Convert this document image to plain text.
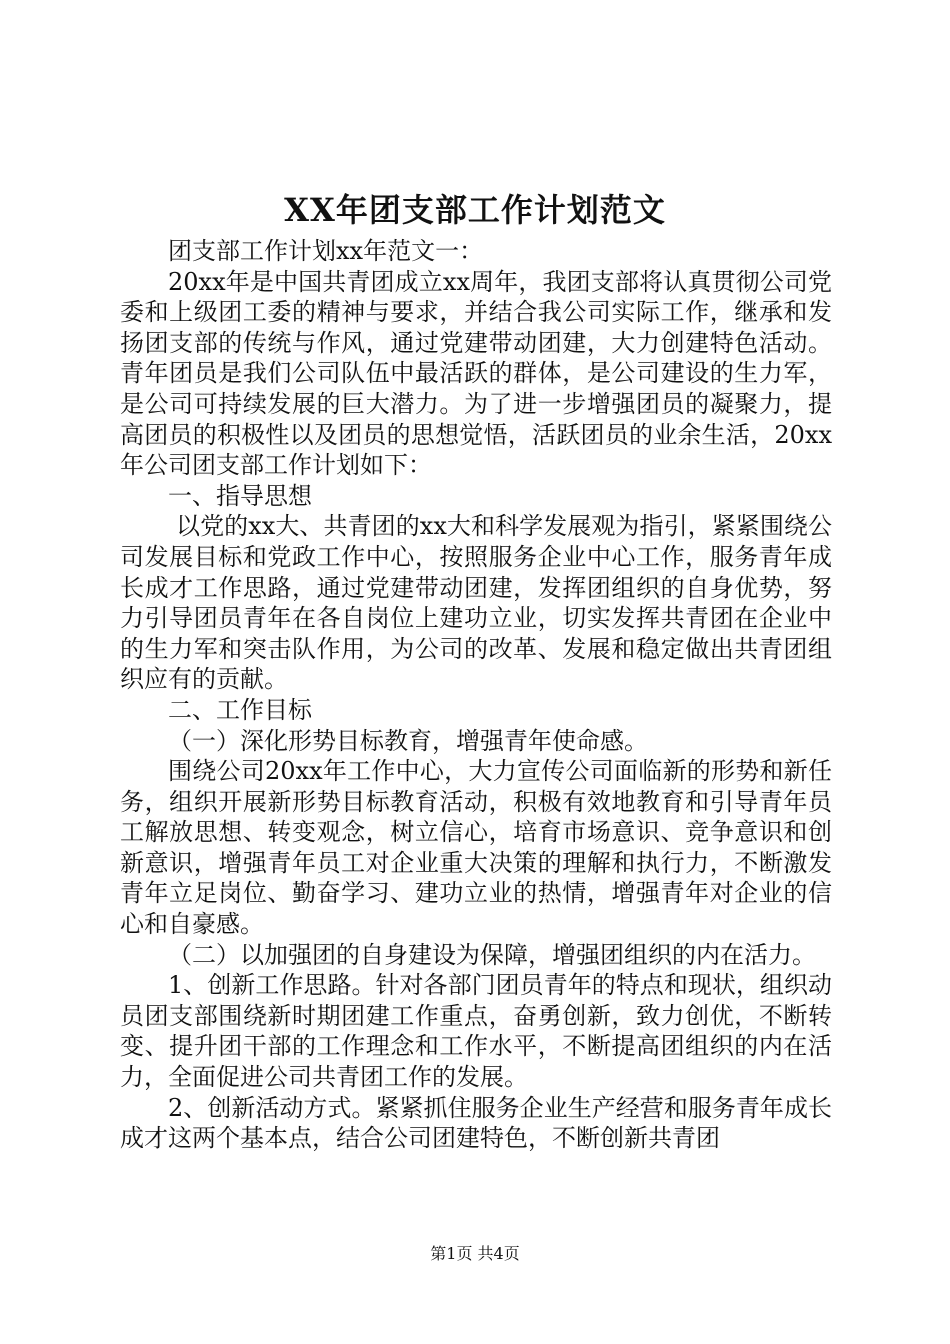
XX年团支部工作计划范文

团支部工作计划xx年范文一：

20xx年是中国共青团成立xx周年，我团支部将认真贯彻公司党委和上级团工委的精神与要求，并结合我公司实际工作，继承和发扬团支部的传统与作风，通过党建带动团建，大力创建特色活动。青年团员是我们公司队伍中最活跃的群体，是公司建设的生力军，是公司可持续发展的巨大潜力。为了进一步增强团员的凝聚力，提高团员的积极性以及团员的思想觉悟，活跃团员的业余生活，20xx年公司团支部工作计划如下：

一、指导思想

以党的xx大、共青团的xx大和科学发展观为指引，紧紧围绕公司发展目标和党政工作中心，按照服务企业中心工作，服务青年成长成才工作思路，通过党建带动团建，发挥团组织的自身优势，努力引导团员青年在各自岗位上建功立业，切实发挥共青团在企业中的生力军和突击队作用，为公司的改革、发展和稳定做出共青团组织应有的贡献。

二、工作目标

（一）深化形势目标教育，增强青年使命感。

围绕公司20xx年工作中心，大力宣传公司面临新的形势和新任务，组织开展新形势目标教育活动，积极有效地教育和引导青年员工解放思想、转变观念，树立信心，培育市场意识、竞争意识和创新意识，增强青年员工对企业重大决策的理解和执行力，不断激发青年立足岗位、勤奋学习、建功立业的热情，增强青年对企业的信心和自豪感。

（二）以加强团的自身建设为保障，增强团组织的内在活力。

1、创新工作思路。针对各部门团员青年的特点和现状，组织动员团支部围绕新时期团建工作重点，奋勇创新，致力创优，不断转变、提升团干部的工作理念和工作水平，不断提高团组织的内在活力，全面促进公司共青团工作的发展。

2、创新活动方式。紧紧抓住服务企业生产经营和服务青年成长成才这两个基本点，结合公司团建特色，不断创新共青团

第1页 共4页
